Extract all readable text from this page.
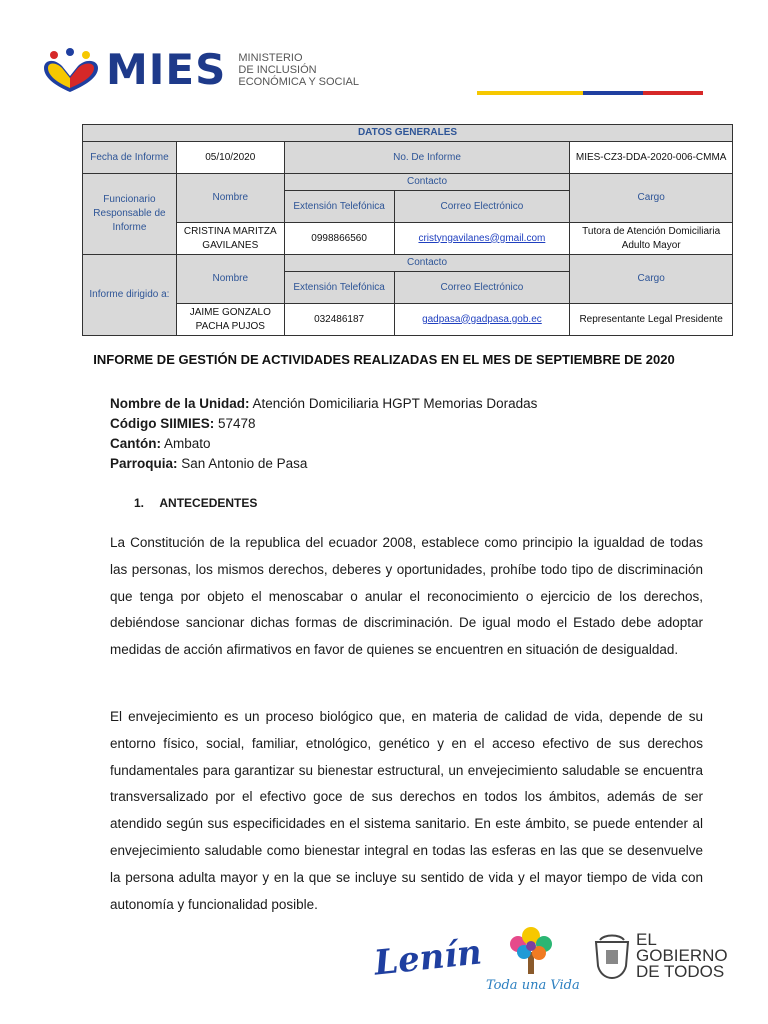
MIES MINISTERIO
DE INCLUSIÓN
ECONÓMICA Y SOCIAL
DATOS GENERALES				
Fecha de Informe	05/10/2020	No. De Informe		MIES-CZ3-DDA-2020-006-CMMA
Funcionario Responsable de Informe	Nombre	Contacto		Cargo
		Extensión Telefónica	Correo Electrónico	
	CRISTINA MARITZA GAVILANES	0998866560	cristyngavilanes@gmail.com	Tutora de Atención Domiciliaria Adulto Mayor
Informe dirigido a:	Nombre	Contacto		Cargo
		Extensión Telefónica	Correo Electrónico	
	JAIME GONZALO PACHA PUJOS	032486187	gadpasa@gadpasa.gob.ec	Representante Legal Presidente
INFORME DE GESTIÓN DE ACTIVIDADES REALIZADAS EN EL MES DE SEPTIEMBRE DE 2020
Nombre de la Unidad: Atención Domiciliaria HGPT Memorias Doradas
Código SIIMIES: 57478
Cantón: Ambato
Parroquia: San Antonio de Pasa
1. ANTECEDENTES
La Constitución de la republica del ecuador 2008, establece como principio la igualdad de todas las personas, los mismos derechos, deberes y oportunidades, prohíbe todo tipo de discriminación que tenga por objeto el menoscabar o anular el reconocimiento o ejercicio de los derechos, debiéndose sancionar dichas formas de discriminación. De igual modo el Estado debe adoptar medidas de acción afirmativos en favor de quienes se encuentren en situación de desigualdad.
El envejecimiento es un proceso biológico que, en materia de calidad de vida, depende de su entorno físico, social, familiar, etnológico, genético y en el acceso efectivo de sus derechos fundamentales para garantizar su bienestar estructural, un envejecimiento saludable se encuentra transversalizado por el efectivo goce de sus derechos en todos los ámbitos, además de ser atendido según sus especificidades en el sistema sanitario. En este ámbito, se puede entender al envejecimiento saludable como bienestar integral en todas las esferas en las que se desenvuelve la persona adulta mayor y en la que se incluye su sentido de vida y el mayor tiempo de vida con autonomía y funcionalidad posible.
Lenín
Toda una Vida
EL
GOBIERNO
DE TODOS
